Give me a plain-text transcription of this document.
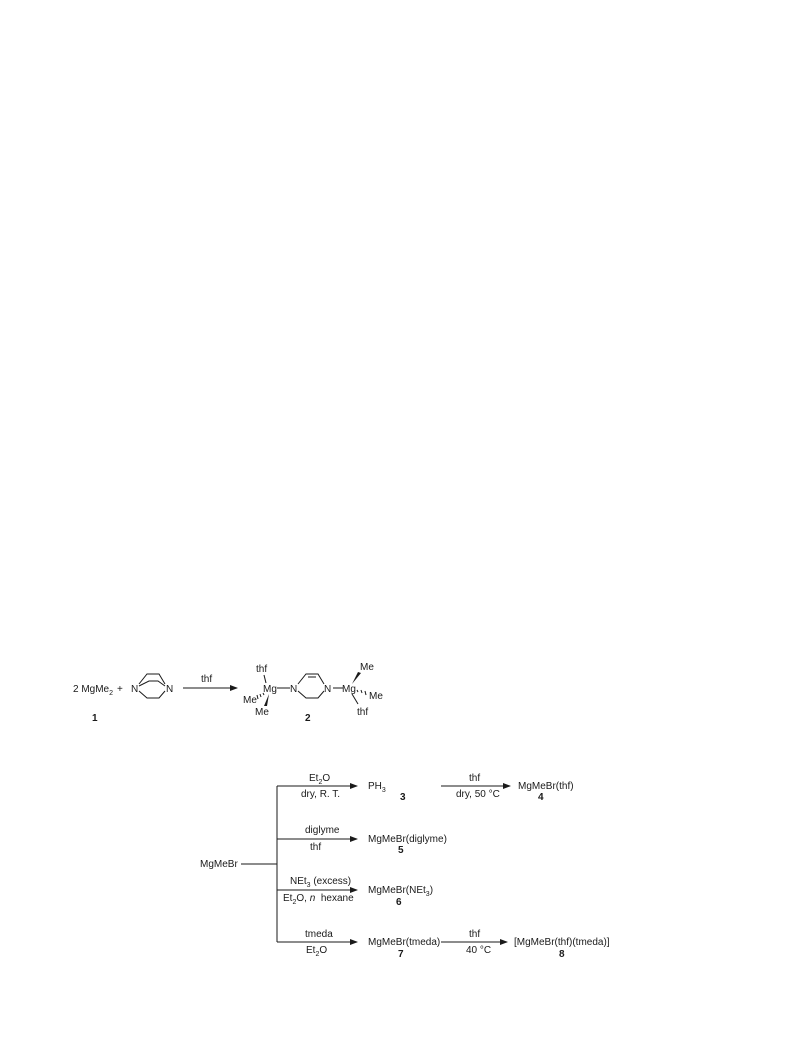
2 MgMe$_2$ + N	N
thf
1	2
thf
Mg
Me
Me
N	N Mg
Me
Me
thf
MgMeBr
$Et_2O$
dry, R. T.
$PH_3$
3
thf
dry, 50 °C
MgMeBr(thf)
4
diglyme
thf
MgMeBr(diglyme)
5
NEt$_3$ (excess)
$Et_2O$, n  hexane
MgMeBr(NEt$_3$)
6
tmeda
$Et_2O$
MgMeBr(tmeda)
7
thf
40 °C
[MgMeBr(thf)(tmeda)]
8
